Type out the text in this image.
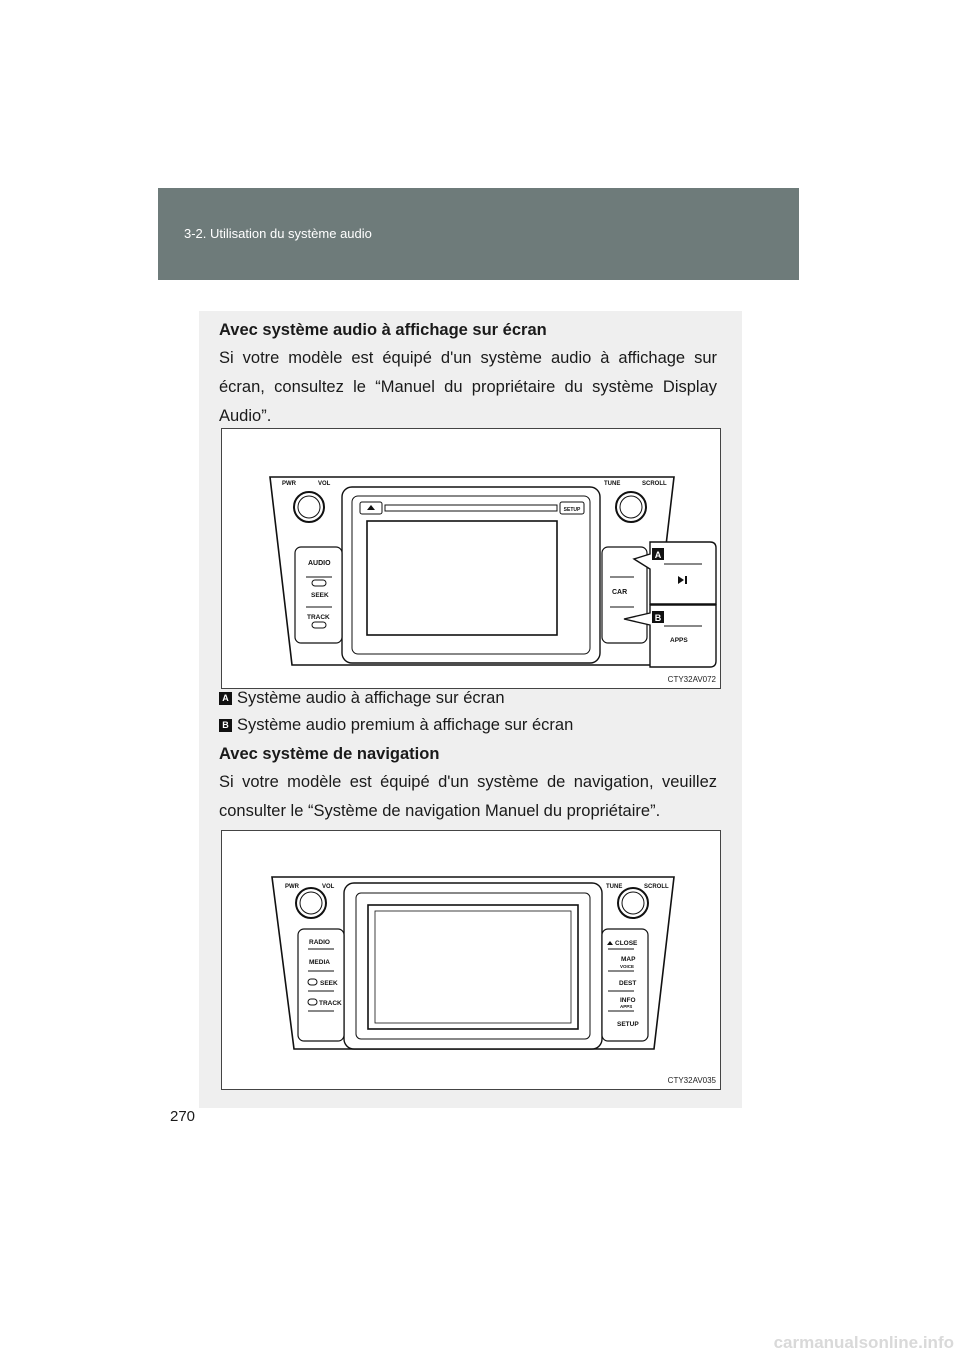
3-2. Utilisation du système audio
Avec système audio à affichage sur écran
Si votre modèle est équipé d'un système audio à affichage sur écran, consultez le “Manuel du propriétaire du système Display Audio”.
A
B
PWR	VOL	TUNE	SCROLL
SETUP
AUDIO
SEEK
TRACK
CAR
APPS
CTY32AV072
A Système audio à affichage sur écran
B Système audio premium à affichage sur écran
Avec système de navigation
Si votre modèle est équipé d'un système de navigation, veuillez consulter le “Système de navigation Manuel du propriétaire”.
PWR	VOL	TUNE	SCROLL
RADIO
MEDIA
SEEK
TRACK
CLOSE
MAP
VOICE
DEST
INFO
APPS
SETUP
CTY32AV035
270
carmanualsonline.info
